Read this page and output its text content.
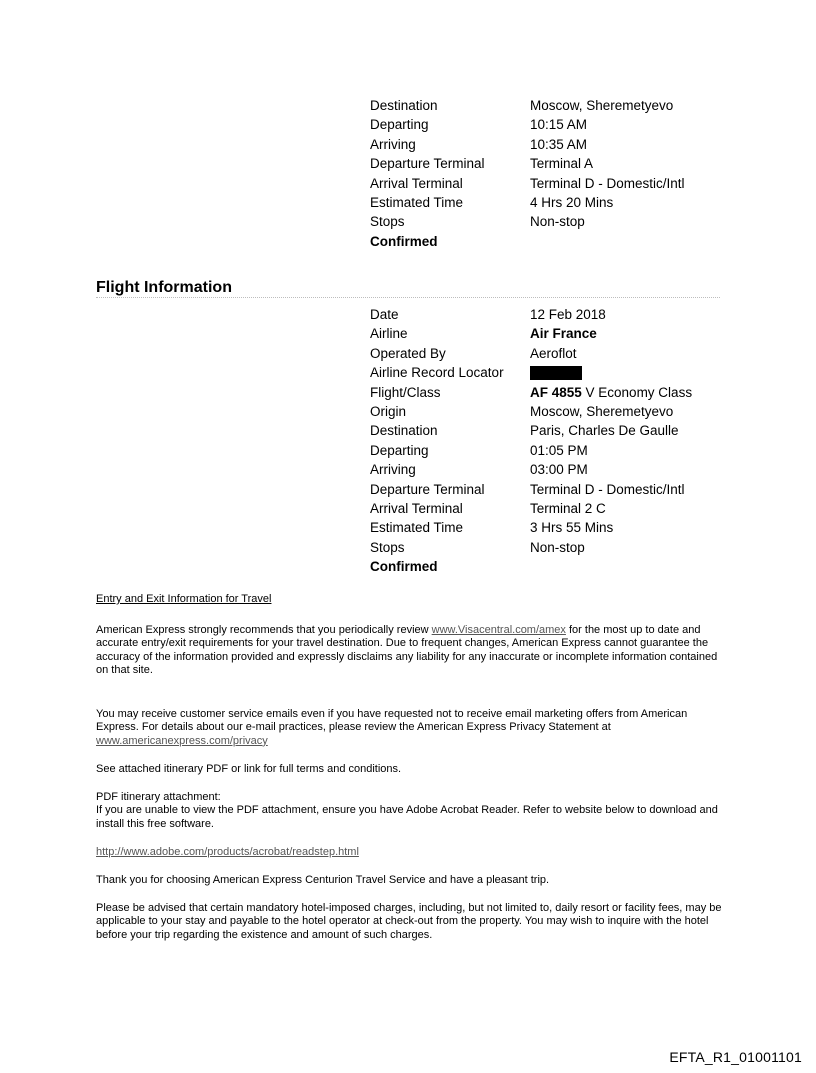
Destination	Moscow, Sheremetyevo
Departing	10:15 AM
Arriving	10:35 AM
Departure Terminal	Terminal A
Arrival Terminal	Terminal D - Domestic/Intl
Estimated Time	4 Hrs 20 Mins
Stops	Non-stop
Confirmed
Flight Information
Date	12 Feb 2018
Airline	Air France
Operated By	Aeroflot
Airline Record Locator
Flight/Class	AF 4855 V Economy Class
Origin	Moscow, Sheremetyevo
Destination	Paris, Charles De Gaulle
Departing	01:05 PM
Arriving	03:00 PM
Departure Terminal	Terminal D - Domestic/Intl
Arrival Terminal	Terminal 2 C
Estimated Time	3 Hrs 55 Mins
Stops	Non-stop
Confirmed

Entry and Exit Information for Travel

American Express strongly recommends that you periodically review www.Visacentral.com/amex for the most up to date and accurate entry/exit requirements for your travel destination. Due to frequent changes, American Express cannot guarantee the accuracy of the information provided and expressly disclaims any liability for any inaccurate or incomplete information contained on that site.

You may receive customer service emails even if you have requested not to receive email marketing offers from American Express. For details about our e-mail practices, please review the American Express Privacy Statement at www.americanexpress.com/privacy

See attached itinerary PDF or link for full terms and conditions.

PDF itinerary attachment:

If you are unable to view the PDF attachment, ensure you have Adobe Acrobat Reader. Refer to website below to download and install this free software.

http://www.adobe.com/products/acrobat/readstep.html

Thank you for choosing American Express Centurion Travel Service and have a pleasant trip.

Please be advised that certain mandatory hotel-imposed charges, including, but not limited to, daily resort or facility fees, may be applicable to your stay and payable to the hotel operator at check-out from the property. You may wish to inquire with the hotel before your trip regarding the existence and amount of such charges.

EFTA_R1_01001101
